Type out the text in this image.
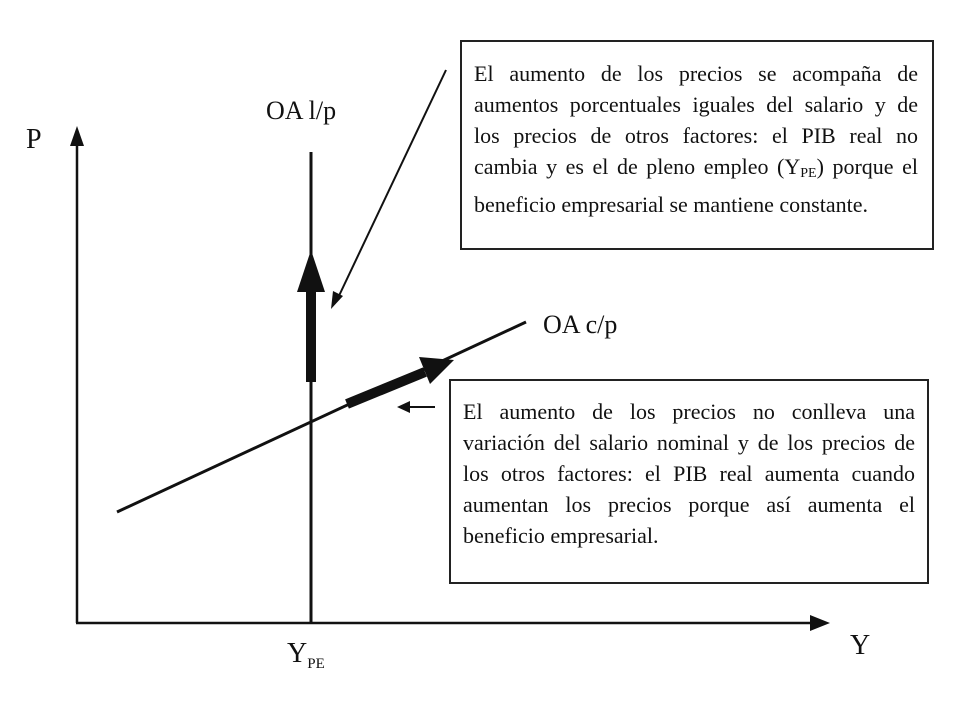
P
Y
$Y_{PE}$
OA l/p
OA c/p
El aumento de los precios se acompaña de
aumentos porcentuales iguales del salario y de
los precios de otros factores: el PIB real no
cambia y es el de pleno empleo (YPE) porque el
beneficio empresarial se mantiene constante.
El aumento de los precios no conlleva una
variación del salario nominal y de los precios de
los otros factores: el PIB real aumenta cuando
aumentan los precios porque así aumenta el
beneficio empresarial.
